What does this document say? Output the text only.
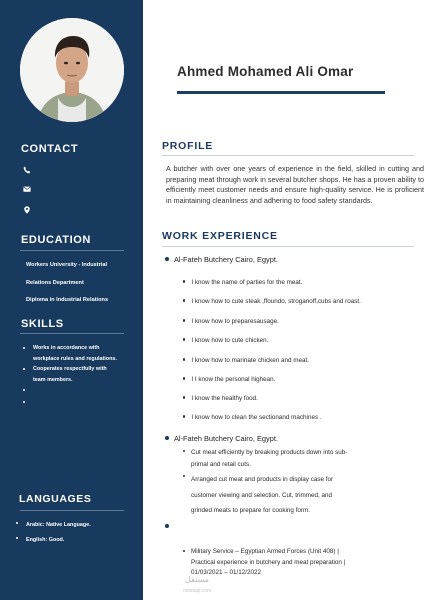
CONTACT
EDUCATION
Workers University - Industrial
Relations Department
Diploma in Industrial Relations
SKILLS
Works in accordance with
workplace rules and regulations.
Cooperates respectfully with
team members.
LANGUAGES
Arabic: Native Language.
English: Good.
Ahmed Mohamed Ali Omar
PROFILE
A butcher with over one years of experience in the field, skilled in cutting and preparing meat through work in several butcher shops. He has a proven ability to efficiently meet customer needs and ensure high-quality service. He is proficient in maintaining cleanliness and adhering to food safety standards.
WORK EXPERIENCE
Al-Fateh Butchery Cairo, Egypt.
I know the name of parties for the meat.
I know how to cute steak ,ffoundo, stroganoff,cubs and roast.
I know how to preparesausage.
I know how to cute chicken.
I know how to marinate chicken and meat.
I I know the personal highean.
I know the healthy food.
I know how to clean the sectionand machines .
Al-Fateh Butchery Cairo, Egypt.
Cut meat efficiently by breaking products down into sub-
primal and retail cuts.
Arranged cut meat and products in display case for
customer viewing and selection. Cut, trimmed, and
grinded meats to prepare for cooking form.
Military Service – Egyptian Armed Forces (Unit 408) |
Practical experience in butchery and meat preparation |
01/03/2021 – 01/12/2022
مستقل
mostaql.com
